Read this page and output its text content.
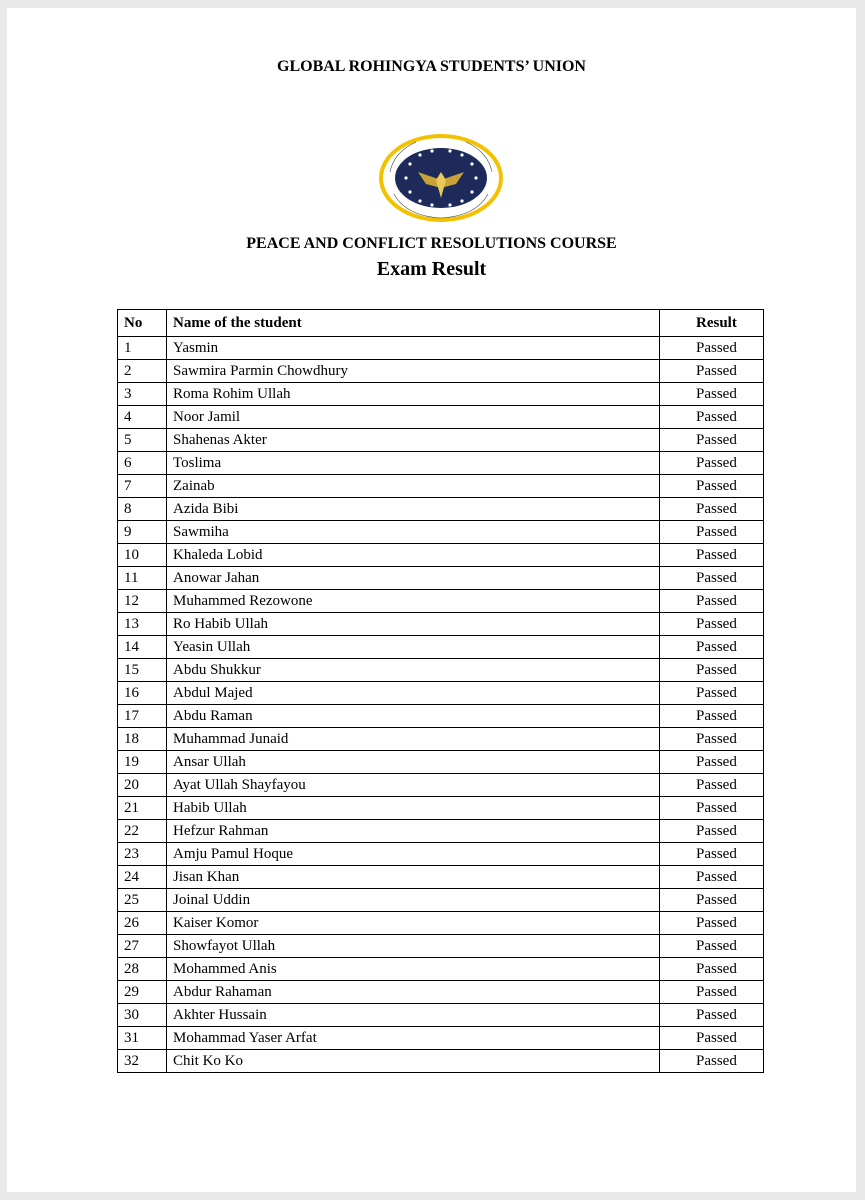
GLOBAL ROHINGYA STUDENTS’ UNION
PEACE AND CONFLICT RESOLUTIONS COURSE
Exam Result
No	Name of the student	Result
1	Yasmin	Passed
2	Sawmira Parmin Chowdhury	Passed
3	Roma Rohim Ullah	Passed
4	Noor Jamil	Passed
5	Shahenas Akter	Passed
6	Toslima	Passed
7	Zainab	Passed
8	Azida Bibi	Passed
9	Sawmiha	Passed
10	Khaleda Lobid	Passed
11	Anowar Jahan	Passed
12	Muhammed Rezowone	Passed
13	Ro Habib Ullah	Passed
14	Yeasin Ullah	Passed
15	Abdu Shukkur	Passed
16	Abdul Majed	Passed
17	Abdu Raman	Passed
18	Muhammad Junaid	Passed
19	Ansar Ullah	Passed
20	Ayat Ullah Shayfayou	Passed
21	Habib Ullah	Passed
22	Hefzur Rahman	Passed
23	Amju Pamul Hoque	Passed
24	Jisan Khan	Passed
25	Joinal Uddin	Passed
26	Kaiser Komor	Passed
27	Showfayot Ullah	Passed
28	Mohammed Anis	Passed
29	Abdur Rahaman	Passed
30	Akhter Hussain	Passed
31	Mohammad Yaser Arfat	Passed
32	Chit Ko Ko	Passed
